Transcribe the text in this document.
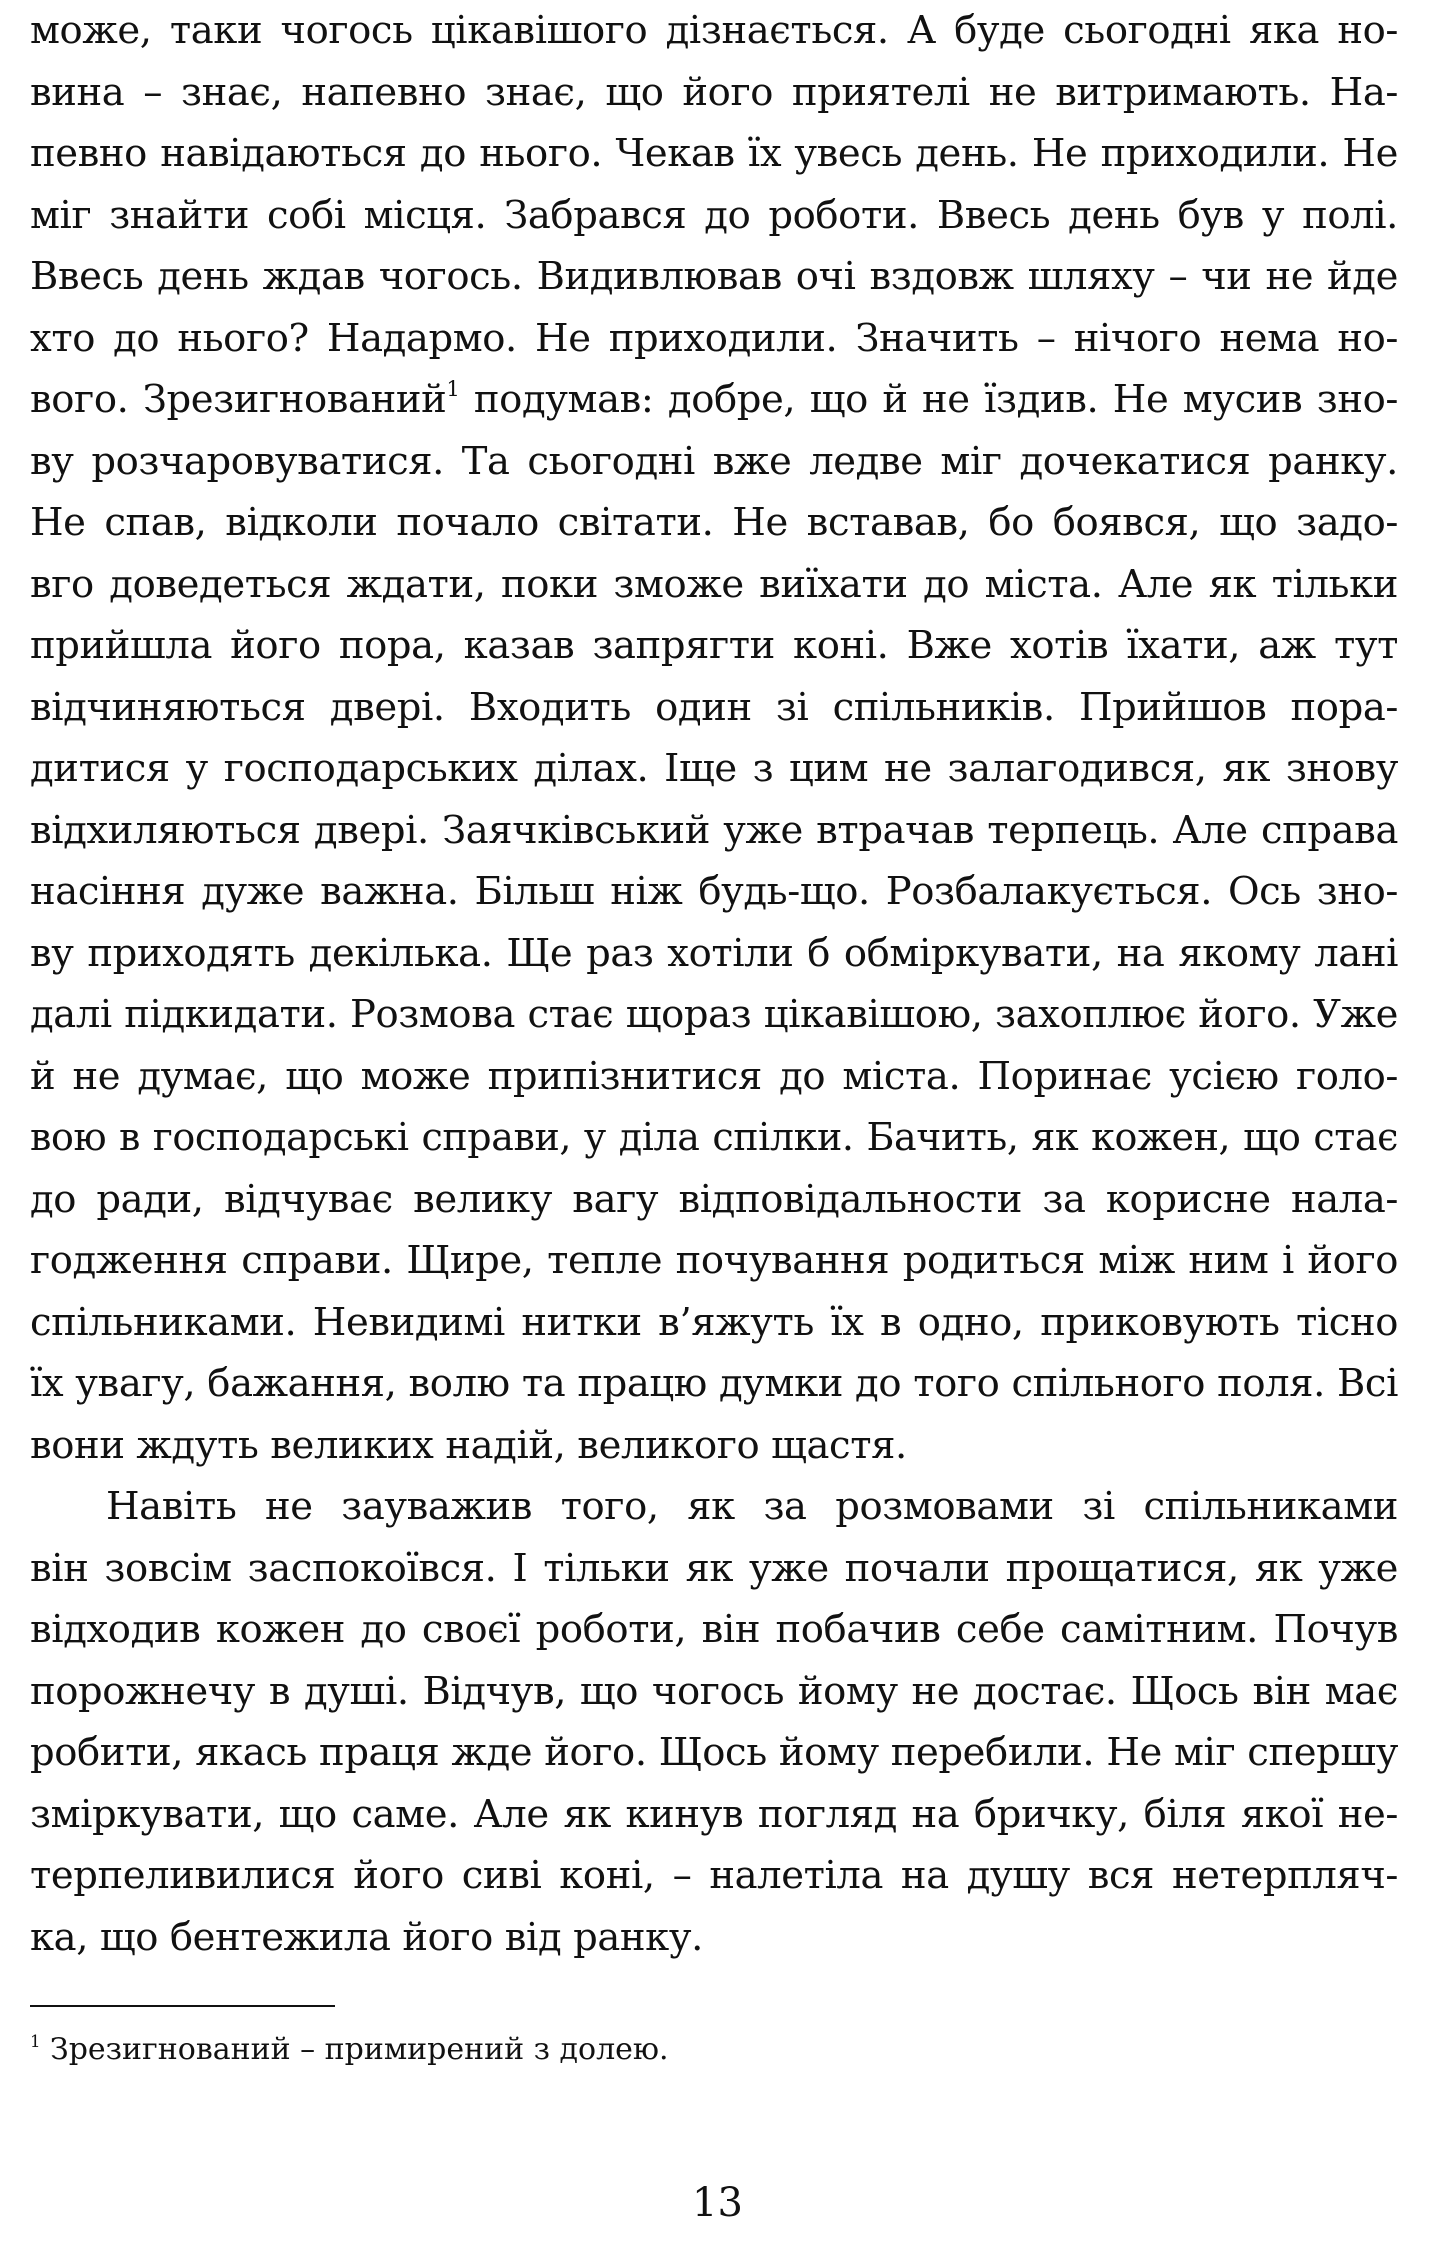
може, таки чогось цікавішого дізнається. А буде сьогодні яка но-
вина – знає, напевно знає, що його приятелі не витримають. На-
певно навідаються до нього. Чекав їх увесь день. Не приходили. Не
міг знайти собі місця. Забрався до роботи. Ввесь день був у полі.
Ввесь день ждав чогось. Видивлював очі вздовж шляху – чи не йде
хто до нього? Надармо. Не приходили. Значить – нічого нема но-
вого. Зрезигнований$^1$ подумав: добре, що й не їздив. Не мусив зно-
ву розчаровуватися. Та сьогодні вже ледве міг дочекатися ранку.
Не спав, відколи почало світати. Не вставав, бо боявся, що задо-
вго доведеться ждати, поки зможе виїхати до міста. Але як тільки
прийшла його пора, казав запрягти коні. Вже хотів їхати, аж тут
відчиняються двері. Входить один зі спільників. Прийшов пора-
дитися у господарських ділах. Іще з цим не залагодився, як знову
відхиляються двері. Заячківський уже втрачав терпець. Але справа
насіння дуже важна. Більш ніж будь-що. Розбалакується. Ось зно-
ву приходять декілька. Ще раз хотіли б обміркувати, на якому лані
далі підкидати. Розмова стає щораз цікавішою, захоплює його. Уже
й не думає, що може припізнитися до міста. Поринає усією голо-
вою в господарські справи, у діла спілки. Бачить, як кожен, що стає
до ради, відчуває велику вагу відповідальности за корисне нала-
годження справи. Щире, тепле почування родиться між ним і його
спільниками. Невидимі нитки в’яжуть їх в одно, приковують тісно
їх увагу, бажання, волю та працю думки до того спільного поля. Всі
вони ждуть великих надій, великого щастя.
Навіть не зауважив того, як за розмовами зі спільниками
він зовсім заспокоївся. І тільки як уже почали прощатися, як уже
відходив кожен до своєї роботи, він побачив себе самітним. Почув
порожнечу в душі. Відчув, що чогось йому не достає. Щось він має
робити, якась праця жде його. Щось йому перебили. Не міг спершу
зміркувати, що саме. Але як кинув погляд на бричку, біля якої не-
терпеливилися його сиві коні, – налетіла на душу вся нетерпляч-
ка, що бентежила його від ранку.
$^1$ Зрезигнований – примирений з долею.
13
